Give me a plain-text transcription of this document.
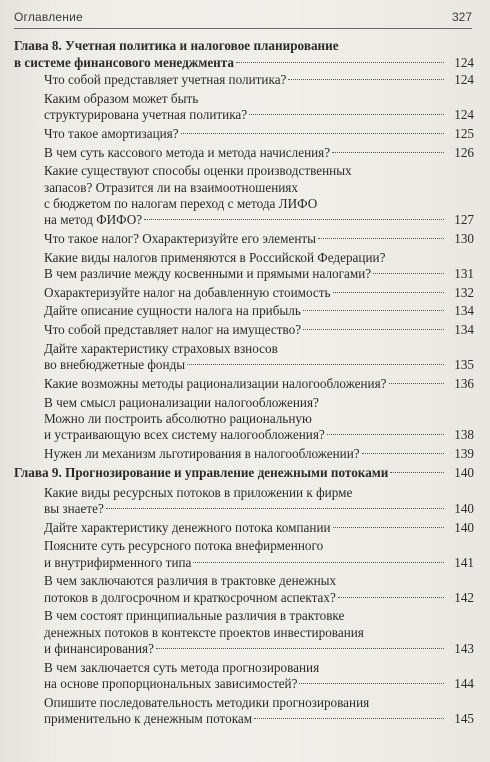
Оглавление	327
Глава 8. Учетная политика и налоговое планирование
в системе финансового менеджмента	124
Что собой представляет учетная политика?	124
Каким образом может быть
структурирована учетная политика?	124
Что такое амортизация?	125
В чем суть кассового метода и метода начисления?	126
Какие существуют способы оценки производственных
запасов? Отразится ли на взаимоотношениях
с бюджетом по налогам переход с метода ЛИФО
на метод ФИФО?	127
Что такое налог? Охарактеризуйте его элементы	130
Какие виды налогов применяются в Российской Федерации?
В чем различие между косвенными и прямыми налогами?	131
Охарактеризуйте налог на добавленную стоимость	132
Дайте описание сущности налога на прибыль	134
Что собой представляет налог на имущество?	134
Дайте характеристику страховых взносов
во внебюджетные фонды	135
Какие возможны методы рационализации налогообложения?	136
В чем смысл рационализации налогообложения?
Можно ли построить абсолютно рациональную
и устраивающую всех систему налогообложения?	138
Нужен ли механизм льготирования в налогообложении?	139
Глава 9. Прогнозирование и управление денежными потоками	140
Какие виды ресурсных потоков в приложении к фирме
вы знаете?	140
Дайте характеристику денежного потока компании	140
Поясните суть ресурсного потока внефирменного
и внутрифирменного типа	141
В чем заключаются различия в трактовке денежных
потоков в долгосрочном и краткосрочном аспектах?	142
В чем состоят принципиальные различия в трактовке
денежных потоков в контексте проектов инвестирования
и финансирования?	143
В чем заключается суть метода прогнозирования
на основе пропорциональных зависимостей?	144
Опишите последовательность методики прогнозирования
применительно к денежным потокам	145
